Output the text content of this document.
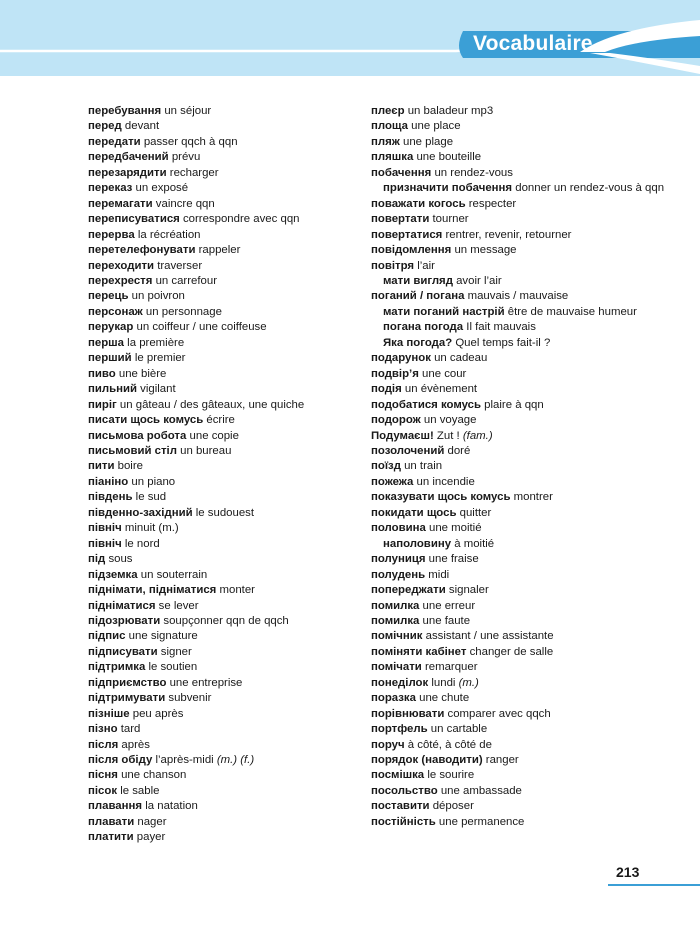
Vocabulaire
перебування un séjour
перед devant
передати passer qqch à qqn
передбачений prévu
перезарядити recharger
переказ un exposé
перемагати vaincre qqn
переписуватися correspondre avec qqn
перерва la récréation
перетелефонувати rappeler
переходити traverser
перехрестя un carrefour
перець un poivron
персонаж un personnage
перукар un coiffeur / une coiffeuse
перша la première
перший le premier
пиво une bière
пильний vigilant
пиріг un gâteau / des gâteaux, une quiche
писати щось комусь écrire
письмова робота une copie
письмовий стіл un bureau
пити boire
піаніно un piano
південь le sud
південно-західний le sudouest
північ minuit (m.)
північ le nord
під sous
підземка un souterrain
піднімати, підніматися monter
підніматися se lever
підозрювати soupçonner qqn de qqch
підпис une signature
підписувати signer
підтримка le soutien
підприємство une entreprise
підтримувати subvenir
пізніше peu après
пізно tard
після après
після обіду l’après-midi (m.) (f.)
пісня une chanson
пісок le sable
плавання la natation
плавати nager
платити payer
плеєр un baladeur mp3
площа une place
пляж une plage
пляшка une bouteille
побачення un rendez-vous
призначити побачення donner un rendez-vous à qqn
поважати когось respecter
повертати tourner
повертатися rentrer, revenir, retourner
повідомлення un message
повітря l’air
мати вигляд avoir l’air
поганий / погана mauvais / mauvaise
мати поганий настрій être de mauvaise humeur
погана погода Il fait mauvais
Яка погода? Quel temps fait-il ?
подарунок un cadeau
подвір’я une cour
подія un évènement
подобатися комусь plaire à qqn
подорож un voyage
Подумаєш! Zut ! (fam.)
позолочений doré
поїзд un train
пожежа un incendie
показувати щось комусь montrer
покидати щось quitter
половина une moitié
наполовину à moitié
полуниця une fraise
полудень midi
попереджати signaler
помилка une erreur
помилка une faute
помічник assistant / une assistante
поміняти кабінет changer de salle
помічати remarquer
понеділок lundi (m.)
поразка une chute
порівнювати comparer avec qqch
портфель un cartable
поруч à côté, à côté de
порядок (наводити) ranger
посмішка le sourire
посольство une ambassade
поставити déposer
постійність une permanence
213
